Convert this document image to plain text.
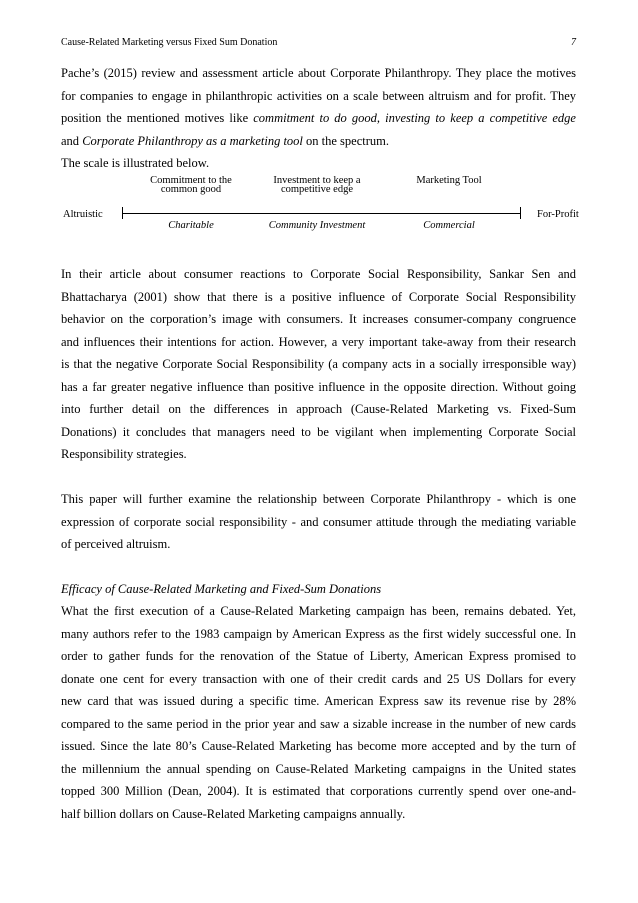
Cause-Related Marketing versus Fixed Sum Donation	7
Pache’s (2015) review and assessment article about Corporate Philanthropy. They place the motives
for companies to engage in philanthropic activities on a scale between altruism and for profit. They
position the mentioned motives like commitment to do good, investing to keep a competitive edge
and Corporate Philanthropy as a marketing tool on the spectrum.
The scale is illustrated below.
Altruistic	For-Profit
Commitment to the
common good
Investment to keep a
competitive edge
Marketing Tool
Charitable	Community Investment	Commercial
In their article about consumer reactions to Corporate Social Responsibility, Sankar Sen and
Bhattacharya (2001) show that there is a positive influence of Corporate Social Responsibility
behavior on the corporation’s image with consumers. It increases consumer-company congruence
and influences their intentions for action. However, a very important take-away from their research
is that the negative Corporate Social Responsibility (a company acts in a socially irresponsible way)
has a far greater negative influence than positive influence in the opposite direction. Without going
into further detail on the differences in approach (Cause-Related Marketing vs. Fixed-Sum
Donations) it concludes that managers need to be vigilant when implementing Corporate Social
Responsibility strategies.
This paper will further examine the relationship between Corporate Philanthropy - which is one
expression of corporate social responsibility - and consumer attitude through the mediating variable
of perceived altruism.
Efficacy of Cause-Related Marketing and Fixed-Sum Donations
What the first execution of a Cause-Related Marketing campaign has been, remains debated. Yet,
many authors refer to the 1983 campaign by American Express as the first widely successful one. In
order to gather funds for the renovation of the Statue of Liberty, American Express promised to
donate one cent for every transaction with one of their credit cards and 25 US Dollars for every
new card that was issued during a specific time. American Express saw its revenue rise by 28%
compared to the same period in the prior year and saw a sizable increase in the number of new cards
issued. Since the late 80’s Cause-Related Marketing has become more accepted and by the turn of
the millennium the annual spending on Cause-Related Marketing campaigns in the United states
topped 300 Million (Dean, 2004). It is estimated that corporations currently spend over one-and-
half billion dollars on Cause-Related Marketing campaigns annually.
